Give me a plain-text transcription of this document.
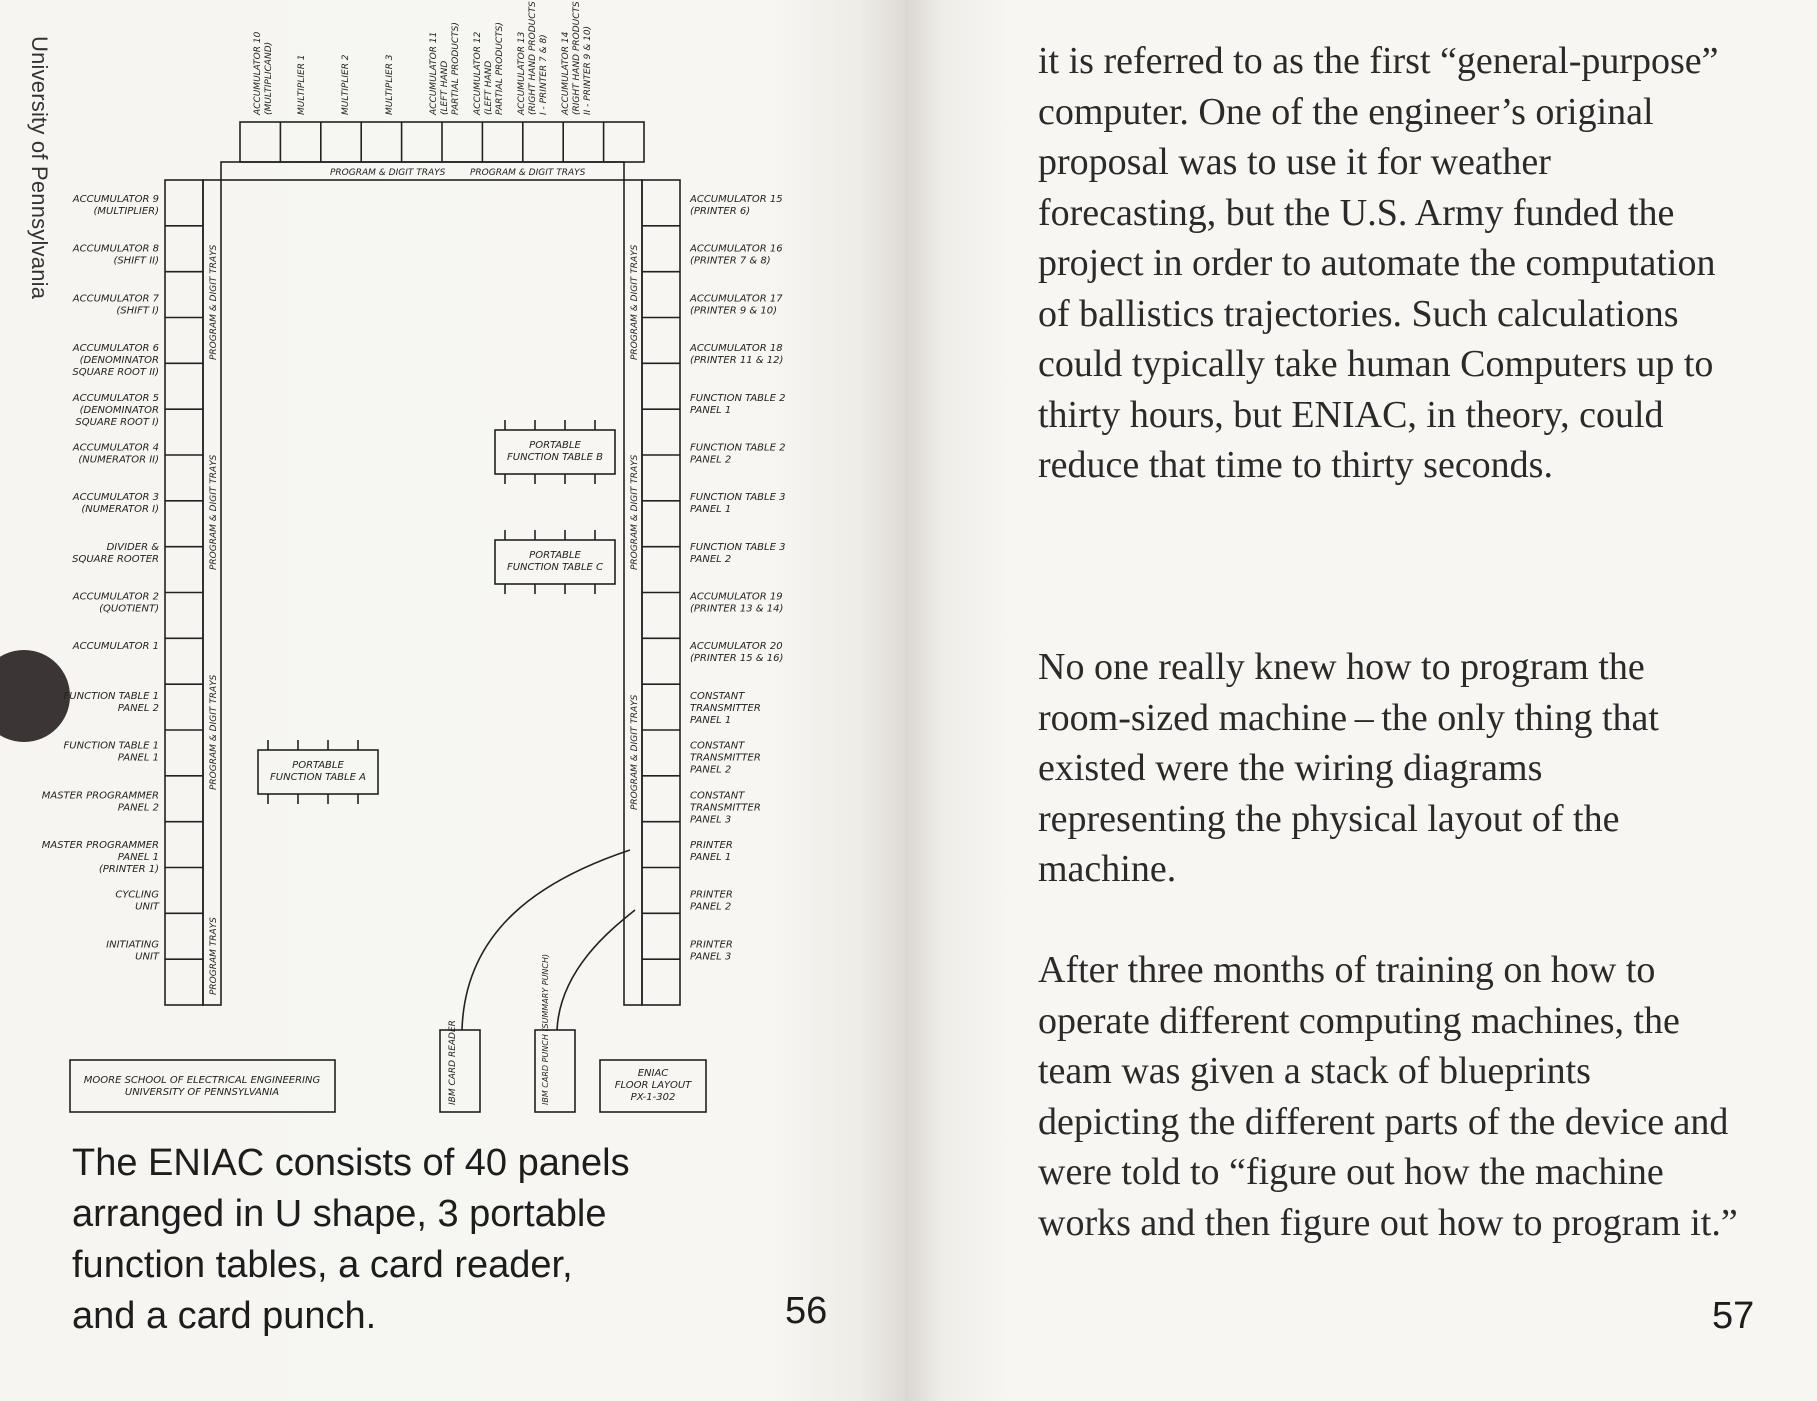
University of Pennsylvania ACCUMULATOR 9 (MULTIPLIER)
ACCUMULATOR 8 (SHIFT II)
ACCUMULATOR 7 (SHIFT I)
ACCUMULATOR 6 (DENOMINATOR SQUARE ROOT II)
ACCUMULATOR 5 (DENOMINATOR SQUARE ROOT I)
ACCUMULATOR 4 (NUMERATOR II)
ACCUMULATOR 3 (NUMERATOR I)
DIVIDER & SQUARE ROOTER
ACCUMULATOR 2 (QUOTIENT)
ACCUMULATOR 1
FUNCTION TABLE 1 PANEL 2
FUNCTION TABLE 1 PANEL 1
MASTER PROGRAMMER PANEL 2
MASTER PROGRAMMER PANEL 1 (PRINTER 1)
CYCLING UNIT
INITIATING UNIT
ACCUMULATOR 15 (PRINTER 6)
ACCUMULATOR 16 (PRINTER 7 & 8)
ACCUMULATOR 17 (PRINTER 9 & 10)
ACCUMULATOR 18 (PRINTER 11 & 12)
FUNCTION TABLE 2 PANEL 1
FUNCTION TABLE 2 PANEL 2
FUNCTION TABLE 3 PANEL 1
FUNCTION TABLE 3 PANEL 2
ACCUMULATOR 19 (PRINTER 13 & 14)
ACCUMULATOR 20 (PRINTER 15 & 16)
CONSTANT TRANSMITTER PANEL 1
CONSTANT TRANSMITTER PANEL 2
CONSTANT TRANSMITTER PANEL 3
PRINTER PANEL 1
PRINTER PANEL 2
PRINTER PANEL 3
ACCUMULATOR 10(MULTIPLICAND)	MULTIPLIER 1	MULTIPLIER 2	MULTIPLIER 3	ACCUMULATOR 11(LEFT HANDPARTIAL PRODUCTS) ACCUMULATOR 12(LEFT HANDPARTIAL PRODUCTS) ACCUMULATOR 13(RIGHT HAND PRODUCTSI - PRINTER 7 & 8) ACCUMULATOR 14(RIGHT HAND PRODUCTSII - PRINTER 9 & 10)
PROGRAM & DIGIT TRAYS	PROGRAM & DIGIT TRAYS
PROGRAM & DIGIT TRAYS
PROGRAM & DIGIT TRAYS
PROGRAM & DIGIT TRAYS
PROGRAM TRAYS
PROGRAM & DIGIT TRAYS
PROGRAM & DIGIT TRAYS
PROGRAM & DIGIT TRAYS
PORTABLE FUNCTION TABLE A
PORTABLE FUNCTION TABLE B
PORTABLE FUNCTION TABLE C
IBM CARD READER	IBM CARD PUNCH (SUMMARY PUNCH)
MOORE SCHOOL OF ELECTRICAL ENGINEERING UNIVERSITY OF PENNSYLVANIA
ENIAC FLOOR LAYOUT PX-1-302
The ENIAC consists of 40 panels
arranged in U shape, 3 portable
function tables, a card reader,
and a card punch.	56
it is referred to as the first “general-purpose” computer. One of the engineer’s original proposal was to use it for weather forecasting, but the U.S. Army funded the project in order to automate the computation of ballistics trajectories. Such calculations could typically take human Computers up to thirty hours, but ENIAC, in theory, could reduce that time to thirty seconds.
No one really knew how to program the room-sized machine – the only thing that existed were the wiring diagrams representing the physical layout of the machine.
After three months of training on how to operate different computing machines, the team was given a stack of blueprints depicting the different parts of the device and were told to “figure out how the machine works and then figure out how to program it.”
57
